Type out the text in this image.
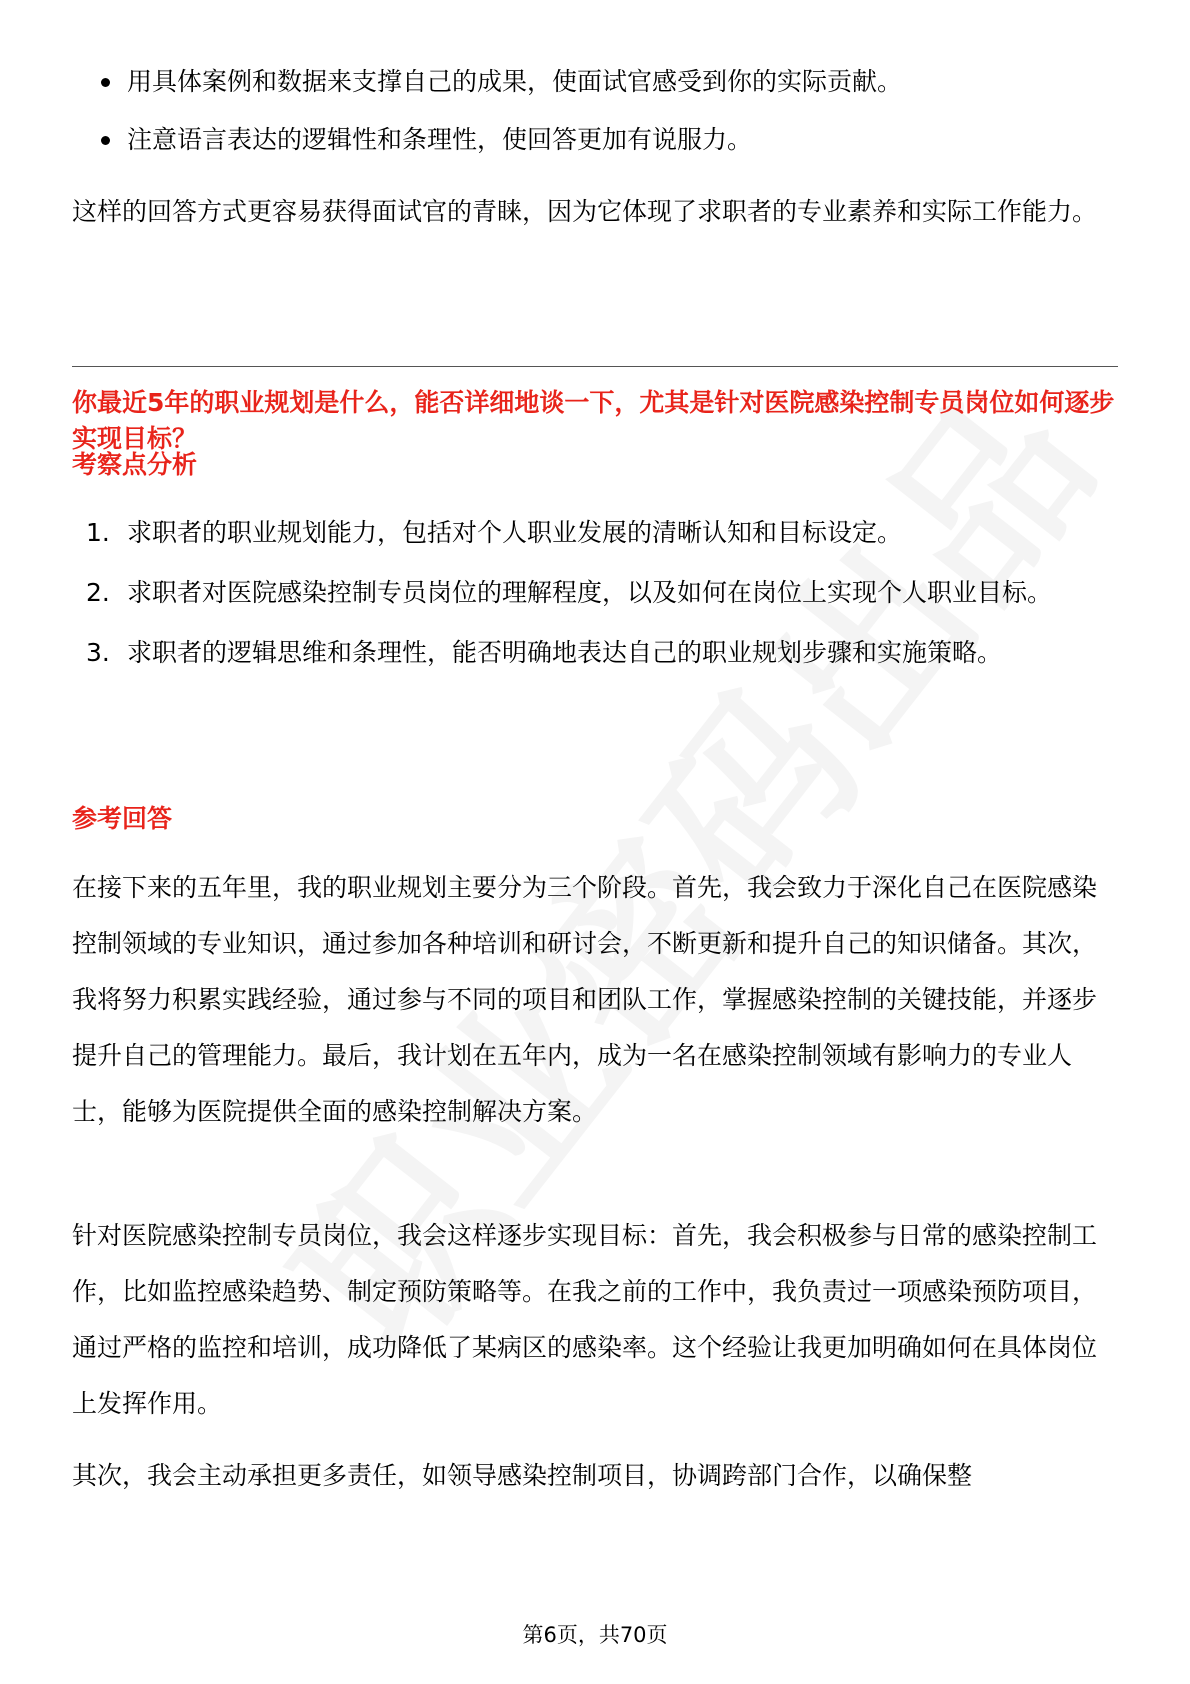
用具体案例和数据来支撑自己的成果，使面试官感受到你的实际贡献。
注意语言表达的逻辑性和条理性，使回答更加有说服力。

这样的回答方式更容易获得面试官的青睐，因为它体现了求职者的专业素养和实际工作能力。

你最近5年的职业规划是什么，能否详细地谈一下，尤其是针对医院感染控制专员岗位如何逐步实现目标？

考察点分析

1. 求职者的职业规划能力，包括对个人职业发展的清晰认知和目标设定。
2. 求职者对医院感染控制专员岗位的理解程度，以及如何在岗位上实现个人职业目标。
3. 求职者的逻辑思维和条理性，能否明确地表达自己的职业规划步骤和实施策略。

参考回答

在接下来的五年里，我的职业规划主要分为三个阶段。首先，我会致力于深化自己在医院感染控制领域的专业知识，通过参加各种培训和研讨会，不断更新和提升自己的知识储备。其次，我将努力积累实践经验，通过参与不同的项目和团队工作，掌握感染控制的关键技能，并逐步提升自己的管理能力。最后，我计划在五年内，成为一名在感染控制领域有影响力的专业人士，能够为医院提供全面的感染控制解决方案。

针对医院感染控制专员岗位，我会这样逐步实现目标：首先，我会积极参与日常的感染控制工作，比如监控感染趋势、制定预防策略等。在我之前的工作中，我负责过一项感染预防项目，通过严格的监控和培训，成功降低了某病区的感染率。这个经验让我更加明确如何在具体岗位上发挥作用。

其次，我会主动承担更多责任，如领导感染控制项目，协调跨部门合作，以确保整

第6页，共70页
